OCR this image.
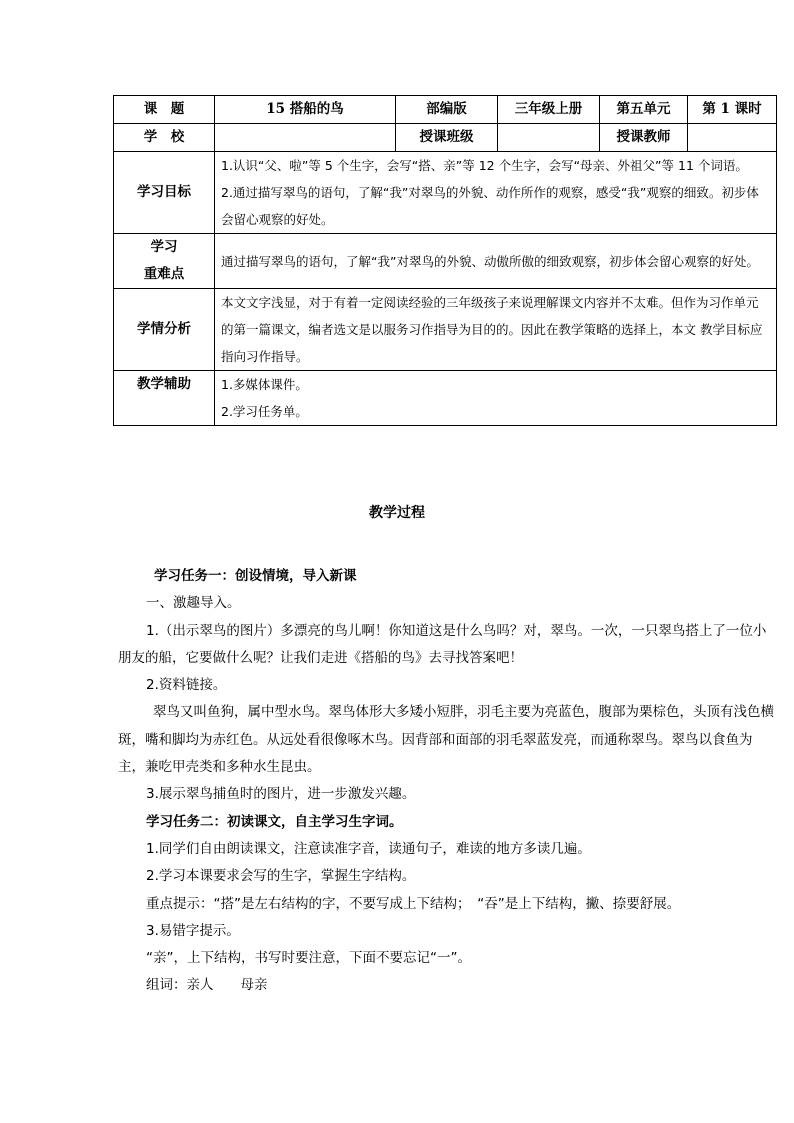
课　题	15 搭船的鸟	部编版	三年级上册	第五单元	第 1 课时
学　校		授课班级		授课教师	
学习目标	1.认识“父、啦”等 5 个生字，会写“搭、亲”等 12 个生字，会写“母亲、外祖父”等 11 个词语。
2.通过描写翠鸟的语句，了解“我”对翠鸟的外貌、动作所作的观察，感受“我”观察的细致。初步体会留心观察的好处。				

学习
重难点	通过描写翠鸟的语句，了解“我”对翠鸟的外貌、动傲所傲的细致观察，初步体会留心观察的好处。				
学情分析	本文文字浅显，对于有着一定阅读经验的三年级孩子来说理解课文内容并不太难。但作为习作单元的第一篇课文，编者选文是以服务习作指导为目的的。因此在教学策略的选择上，本文 教学目标应指向习作指导。				
教学辅助	1.多媒体课件。
2.学习任务单。				
教学过程

学习任务一：创设情境，导入新课

一、激趣导入。

1.（出示翠鸟的图片）多漂亮的鸟儿啊！你知道这是什么鸟吗？对，翠鸟。一次，一只翠鸟搭上了一位小朋友的船，它要做什么呢？让我们走进《搭船的鸟》去寻找答案吧！

2.资料链接。

翠鸟又叫鱼狗，属中型水鸟。翠鸟体形大多矮小短胖，羽毛主要为亮蓝色，腹部为栗棕色，头顶有浅色横斑，嘴和脚均为赤红色。从远处看很像啄木鸟。因背部和面部的羽毛翠蓝发亮，而通称翠鸟。翠鸟以食鱼为主，兼吃甲壳类和多种水生昆虫。

3.展示翠鸟捕鱼时的图片，进一步激发兴趣。

学习任务二：初读课文，自主学习生字词。

1.同学们自由朗读课文，注意读准字音，读通句子，难读的地方多读几遍。

2.学习本课要求会写的生字，掌握生字结构。

重点提示：“搭”是左右结构的字，不要写成上下结构；　“吞”是上下结构，撇、捺要舒展。

3.易错字提示。

“亲”，上下结构，书写时要注意，下面不要忘记“一”。

组词：亲人　　母亲
